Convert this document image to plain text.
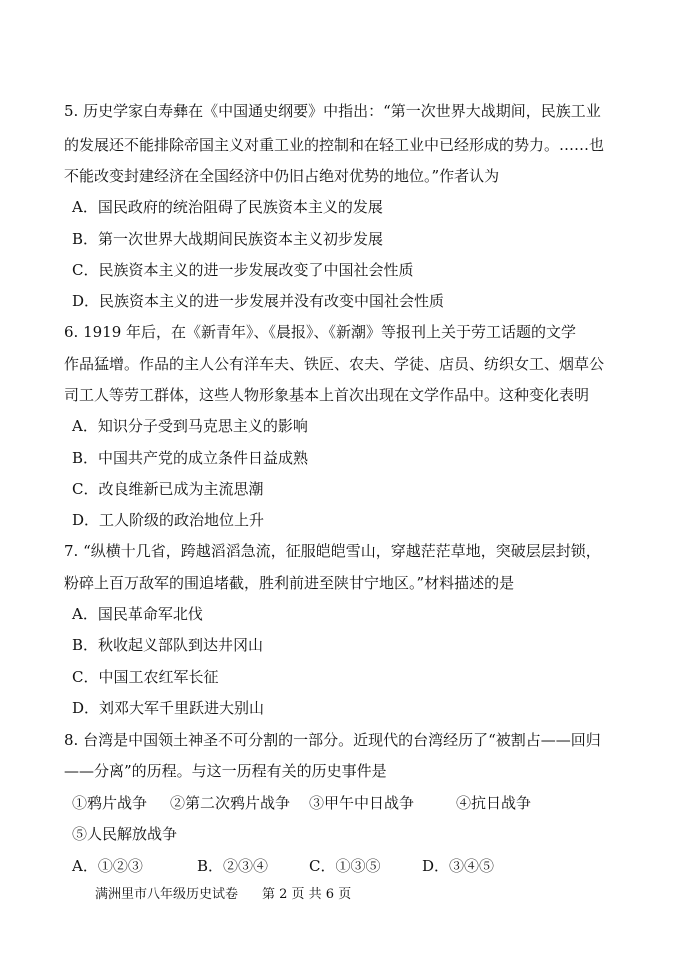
5. 历史学家白寿彝在《中国通史纲要》中指出：“第一次世界大战期间，民族工业
的发展还不能排除帝国主义对重工业的控制和在轻工业中已经形成的势力。……也
不能改变封建经济在全国经济中仍旧占绝对优势的地位。”作者认为
A．国民政府的统治阻碍了民族资本主义的发展
B．第一次世界大战期间民族资本主义初步发展
C．民族资本主义的进一步发展改变了中国社会性质
D．民族资本主义的进一步发展并没有改变中国社会性质
6. 1919 年后，在《新青年》、《晨报》、《新潮》等报刊上关于劳工话题的文学
作品猛增。作品的主人公有洋车夫、铁匠、农夫、学徒、店员、纺织女工、烟草公
司工人等劳工群体，这些人物形象基本上首次出现在文学作品中。这种变化表明
A．知识分子受到马克思主义的影响
B．中国共产党的成立条件日益成熟
C．改良维新已成为主流思潮
D．工人阶级的政治地位上升
7. “纵横十几省，跨越滔滔急流，征服皑皑雪山，穿越茫茫草地，突破层层封锁，
粉碎上百万敌军的围追堵截，胜利前进至陕甘宁地区。”材料描述的是
A．国民革命军北伐
B．秋收起义部队到达井冈山
C．中国工农红军长征
D．刘邓大军千里跃进大别山
8. 台湾是中国领土神圣不可分割的一部分。近现代的台湾经历了“被割占——回归
——分离”的历程。与这一历程有关的历史事件是
①鸦片战争 ②第二次鸦片战争 ③甲午中日战争	④抗日战争
⑤人民解放战争
A．①②③	B．②③④	C．①③⑤	D．③④⑤
满洲里市八年级历史试卷 第 2 页 共 6 页
